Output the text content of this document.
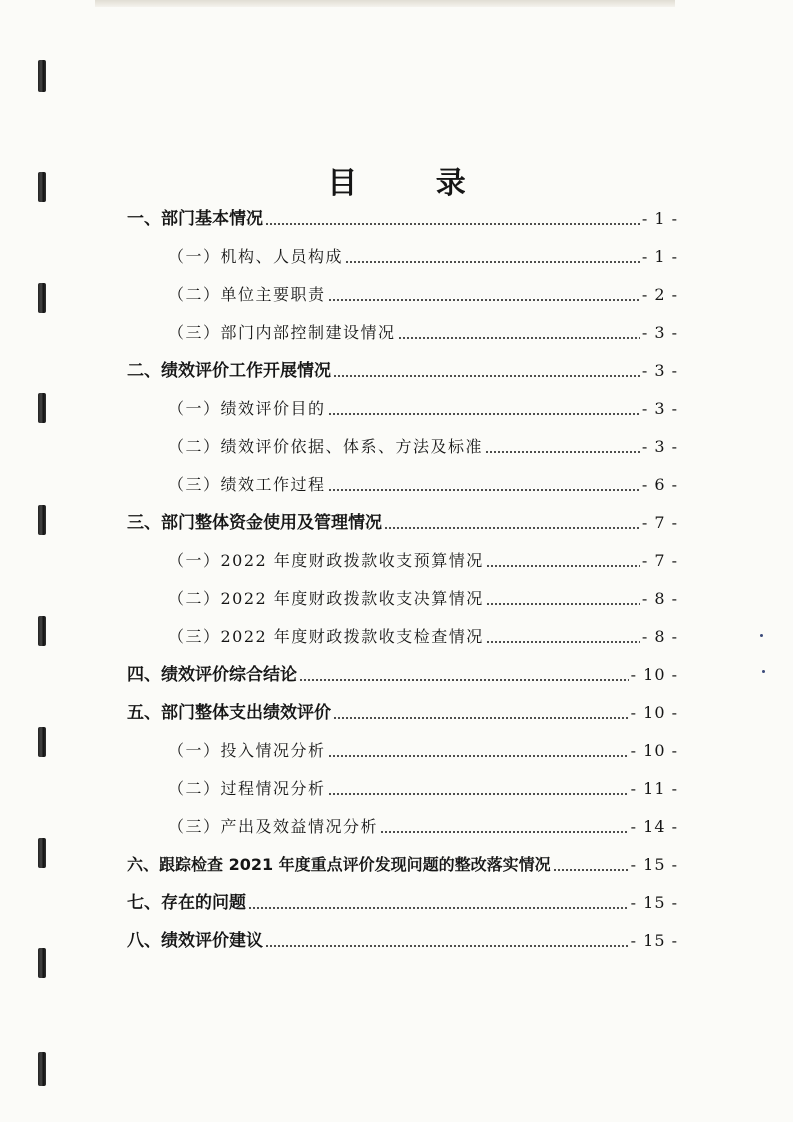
目 录
一、部门基本情况	- 1 -
（一）机构、人员构成	- 1 -
（二）单位主要职责	- 2 -
（三）部门内部控制建设情况	- 3 -
二、绩效评价工作开展情况	- 3 -
（一）绩效评价目的	- 3 -
（二）绩效评价依据、体系、方法及标准	- 3 -
（三）绩效工作过程	- 6 -
三、部门整体资金使用及管理情况	- 7 -
（一）2022 年度财政拨款收支预算情况	- 7 -
（二）2022 年度财政拨款收支决算情况	- 8 -
（三）2022 年度财政拨款收支检查情况	- 8 -
四、绩效评价综合结论	- 10 -
五、部门整体支出绩效评价	- 10 -
（一）投入情况分析	- 10 -
（二）过程情况分析	- 11 -
（三）产出及效益情况分析	- 14 -
六、跟踪检查 2021 年度重点评价发现问题的整改落实情况	- 15 -
七、存在的问题	- 15 -
八、绩效评价建议	- 15 -
